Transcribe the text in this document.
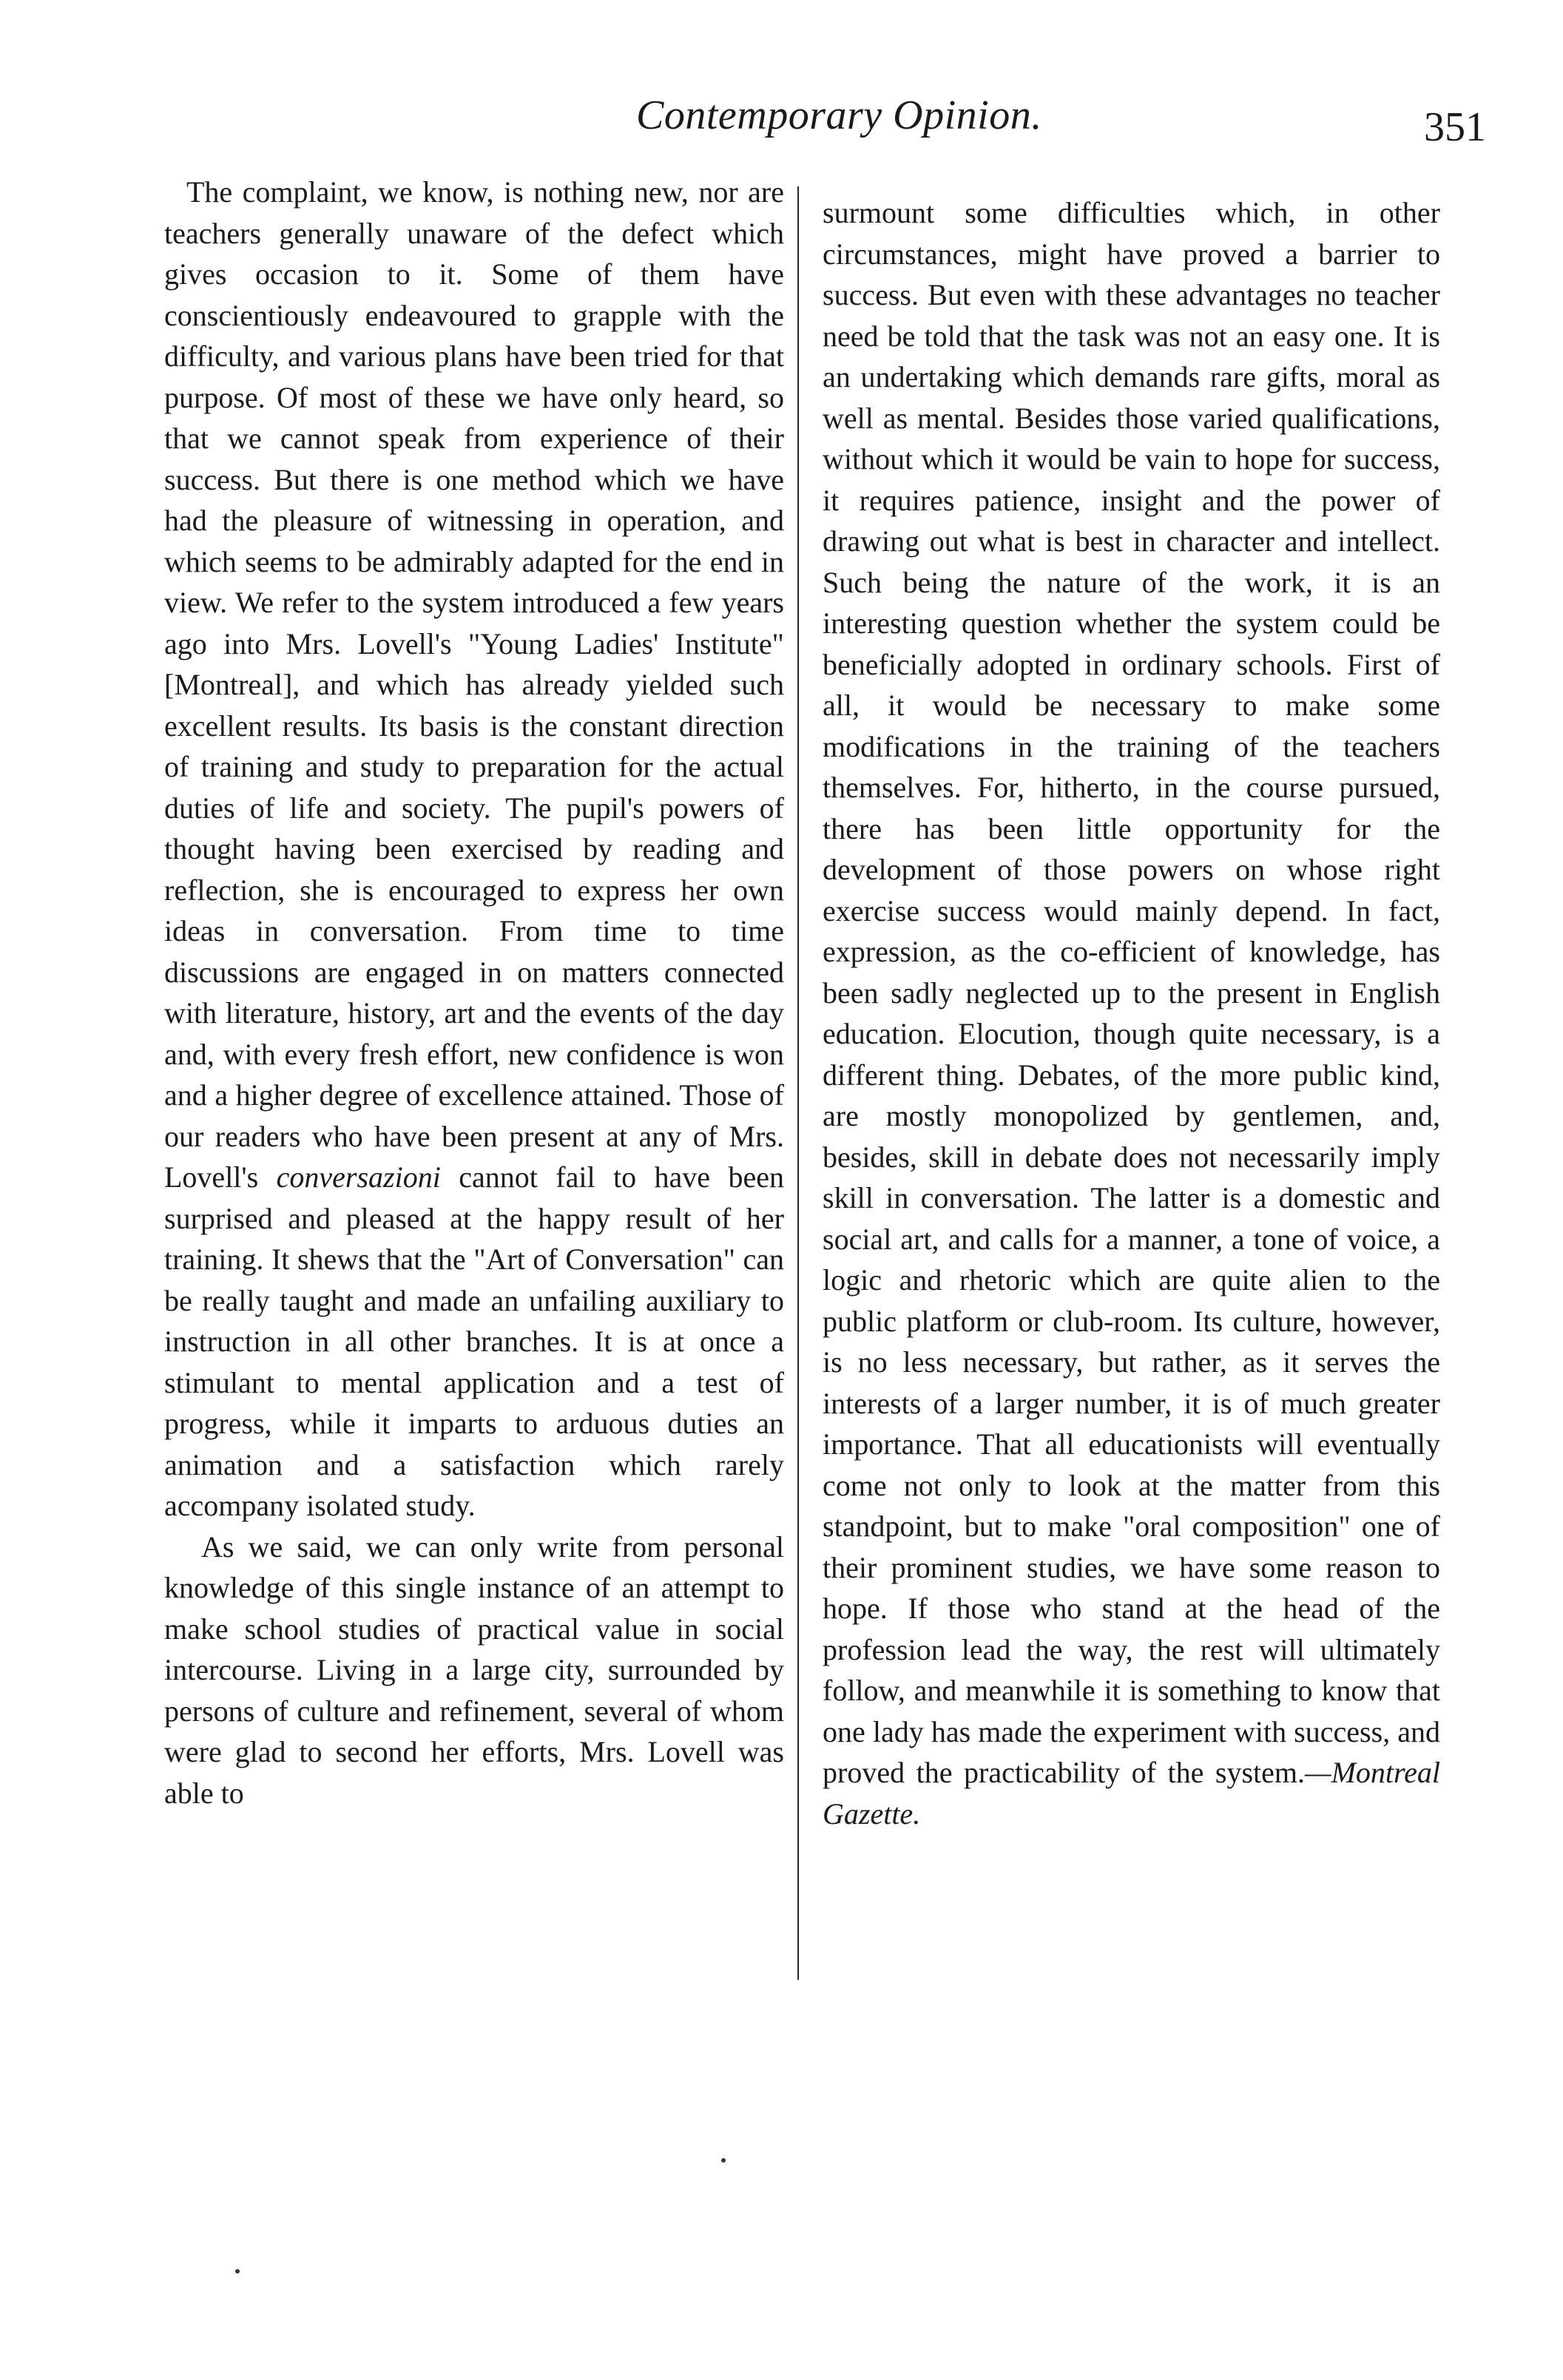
Contemporary Opinion.	351

The complaint, we know, is nothing new, nor are teachers generally unaware of the defect which gives occasion to it. Some of them have conscientiously endeavoured to grapple with the difficulty, and various plans have been tried for that purpose. Of most of these we have only heard, so that we cannot speak from experience of their success. But there is one method which we have had the pleasure of witnessing in operation, and which seems to be admirably adapted for the end in view. We refer to the system introduced a few years ago into Mrs. Lovell's "Young Ladies' Institute" [Montreal], and which has already yielded such excellent results. Its basis is the constant direction of training and study to preparation for the actual duties of life and society. The pupil's powers of thought having been exercised by reading and reflection, she is encouraged to express her own ideas in conversation. From time to time discussions are engaged in on matters connected with literature, history, art and the events of the day and, with every fresh effort, new confidence is won and a higher degree of excellence attained. Those of our readers who have been present at any of Mrs. Lovell's conversazioni cannot fail to have been surprised and pleased at the happy result of her training. It shews that the "Art of Conversation" can be really taught and made an unfailing auxiliary to instruction in all other branches. It is at once a stimulant to mental application and a test of progress, while it imparts to arduous duties an animation and a satisfaction which rarely accompany isolated study.

As we said, we can only write from personal knowledge of this single instance of an attempt to make school studies of practical value in social intercourse. Living in a large city, surrounded by persons of culture and refinement, several of whom were glad to second her efforts, Mrs. Lovell was able to

surmount some difficulties which, in other circumstances, might have proved a barrier to success. But even with these advantages no teacher need be told that the task was not an easy one. It is an undertaking which demands rare gifts, moral as well as mental. Besides those varied qualifications, without which it would be vain to hope for success, it requires patience, insight and the power of drawing out what is best in character and intellect. Such being the nature of the work, it is an interesting question whether the system could be beneficially adopted in ordinary schools. First of all, it would be necessary to make some modifications in the training of the teachers themselves. For, hitherto, in the course pursued, there has been little opportunity for the development of those powers on whose right exercise success would mainly depend. In fact, expression, as the co-efficient of knowledge, has been sadly neglected up to the present in English education. Elocution, though quite necessary, is a different thing. Debates, of the more public kind, are mostly monopolized by gentlemen, and, besides, skill in debate does not necessarily imply skill in conversation. The latter is a domestic and social art, and calls for a manner, a tone of voice, a logic and rhetoric which are quite alien to the public platform or club-room. Its culture, however, is no less necessary, but rather, as it serves the interests of a larger number, it is of much greater importance. That all educationists will eventually come not only to look at the matter from this standpoint, but to make "oral composition" one of their prominent studies, we have some reason to hope. If those who stand at the head of the profession lead the way, the rest will ultimately follow, and meanwhile it is something to know that one lady has made the experiment with success, and proved the practicability of the system.—Montreal Gazette.
